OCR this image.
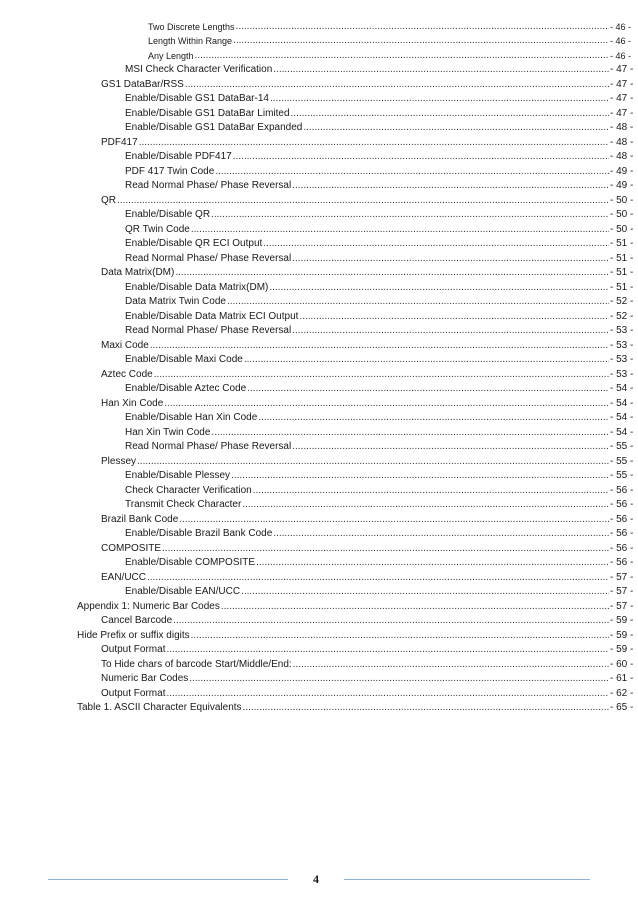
Two Discrete Lengths .....	- 46 -
Length Within Range .....	- 46 -
Any Length .....	- 46 -
MSI Check Character Verification .....	- 47 -
GS1 DataBar/RSS .....	- 47 -
Enable/Disable GS1 DataBar-14 .....	- 47 -
Enable/Disable GS1 DataBar Limited .....	- 47 -
Enable/Disable GS1 DataBar Expanded .....	- 48 -
PDF417 .....	- 48 -
Enable/Disable PDF417 .....	- 48 -
PDF 417 Twin Code .....	- 49 -
Read Normal Phase/ Phase Reversal .....	- 49 -
QR .....	- 50 -
Enable/Disable QR .....	- 50 -
QR Twin Code .....	- 50 -
Enable/Disable QR ECI Output .....	- 51 -
Read Normal Phase/ Phase Reversal .....	- 51 -
Data Matrix(DM) .....	- 51 -
Enable/Disable Data Matrix(DM) .....	- 51 -
Data Matrix Twin Code .....	- 52 -
Enable/Disable Data Matrix ECI Output .....	- 52 -
Read Normal Phase/ Phase Reversal .....	- 53 -
Maxi Code .....	- 53 -
Enable/Disable Maxi Code .....	- 53 -
Aztec Code .....	- 53 -
Enable/Disable Aztec Code .....	- 54 -
Han Xin Code .....	- 54 -
Enable/Disable Han Xin Code .....	- 54 -
Han Xin Twin Code .....	- 54 -
Read Normal Phase/ Phase Reversal .....	- 55 -
Plessey .....	- 55 -
Enable/Disable Plessey .....	- 55 -
Check Character Verification .....	- 56 -
Transmit Check Character .....	- 56 -
Brazil Bank Code .....	- 56 -
Enable/Disable Brazil Bank Code .....	- 56 -
COMPOSITE .....	- 56 -
Enable/Disable COMPOSITE .....	- 56 -
EAN/UCC .....	- 57 -
Enable/Disable EAN/UCC .....	- 57 -
Appendix 1: Numeric Bar Codes .....	- 57 -
Cancel Barcode .....	- 59 -
Hide Prefix or suffix digits .....	- 59 -
Output Format .....	- 59 -
To Hide chars of barcode Start/Middle/End: .....	- 60 -
Numeric Bar Codes .....	- 61 -
Output Format .....	- 62 -
Table 1. ASCII Character Equivalents .....	- 65 -
4
